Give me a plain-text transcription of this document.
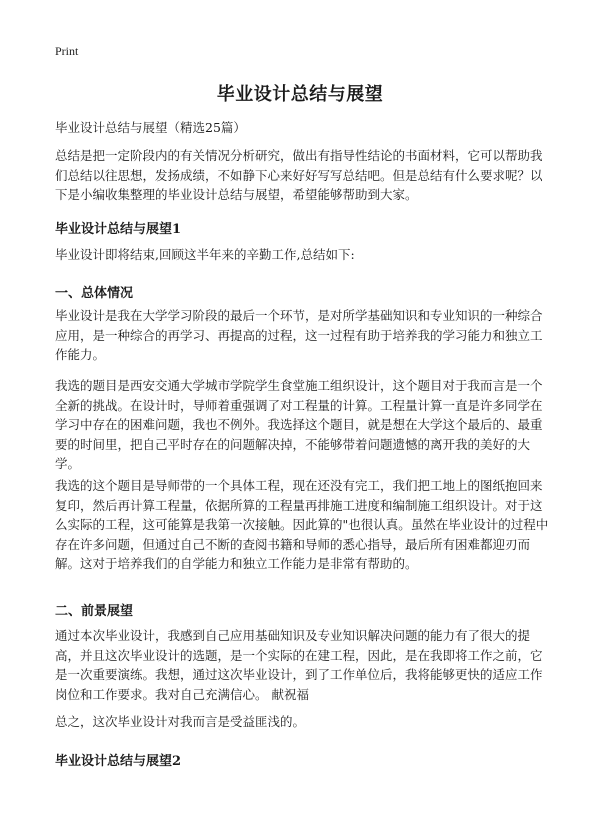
Print
毕业设计总结与展望

毕业设计总结与展望（精选25篇）

总结是把一定阶段内的有关情况分析研究，做出有指导性结论的书面材料，它可以帮助我们总结以往思想，发扬成绩，不如静下心来好好写写总结吧。但是总结有什么要求呢？以下是小编收集整理的毕业设计总结与展望，希望能够帮助到大家。

毕业设计总结与展望1

毕业设计即将结束,回顾这半年来的辛勤工作,总结如下:

一、总体情况

毕业设计是我在大学学习阶段的最后一个环节，是对所学基础知识和专业知识的一种综合应用，是一种综合的再学习、再提高的过程，这一过程有助于培养我的学习能力和独立工作能力。

我选的题目是西安交通大学城市学院学生食堂施工组织设计，这个题目对于我而言是一个全新的挑战。在设计时，导师着重强调了对工程量的计算。工程量计算一直是许多同学在学习中存在的困难问题，我也不例外。我选择这个题目，就是想在大学这个最后的、最重要的时间里，把自己平时存在的问题解决掉，不能够带着问题遗憾的离开我的美好的大学。

我选的这个题目是导师带的一个具体工程，现在还没有完工，我们把工地上的图纸抱回来复印，然后再计算工程量，依据所算的工程量再排施工进度和编制施工组织设计。对于这么实际的工程，这可能算是我第一次接触。因此算的"也很认真。虽然在毕业设计的过程中存在许多问题，但通过自己不断的查阅书籍和导师的悉心指导，最后所有困难都迎刃而解。这对于培养我们的自学能力和独立工作能力是非常有帮助的。

二、前景展望

通过本次毕业设计，我感到自己应用基础知识及专业知识解决问题的能力有了很大的提高，并且这次毕业设计的选题，是一个实际的在建工程，因此，是在我即将工作之前，它是一次重要演练。我想，通过这次毕业设计，到了工作单位后，我将能够更快的适应工作岗位和工作要求。我对自己充满信心。 献祝福

总之，这次毕业设计对我而言是受益匪浅的。

毕业设计总结与展望2
